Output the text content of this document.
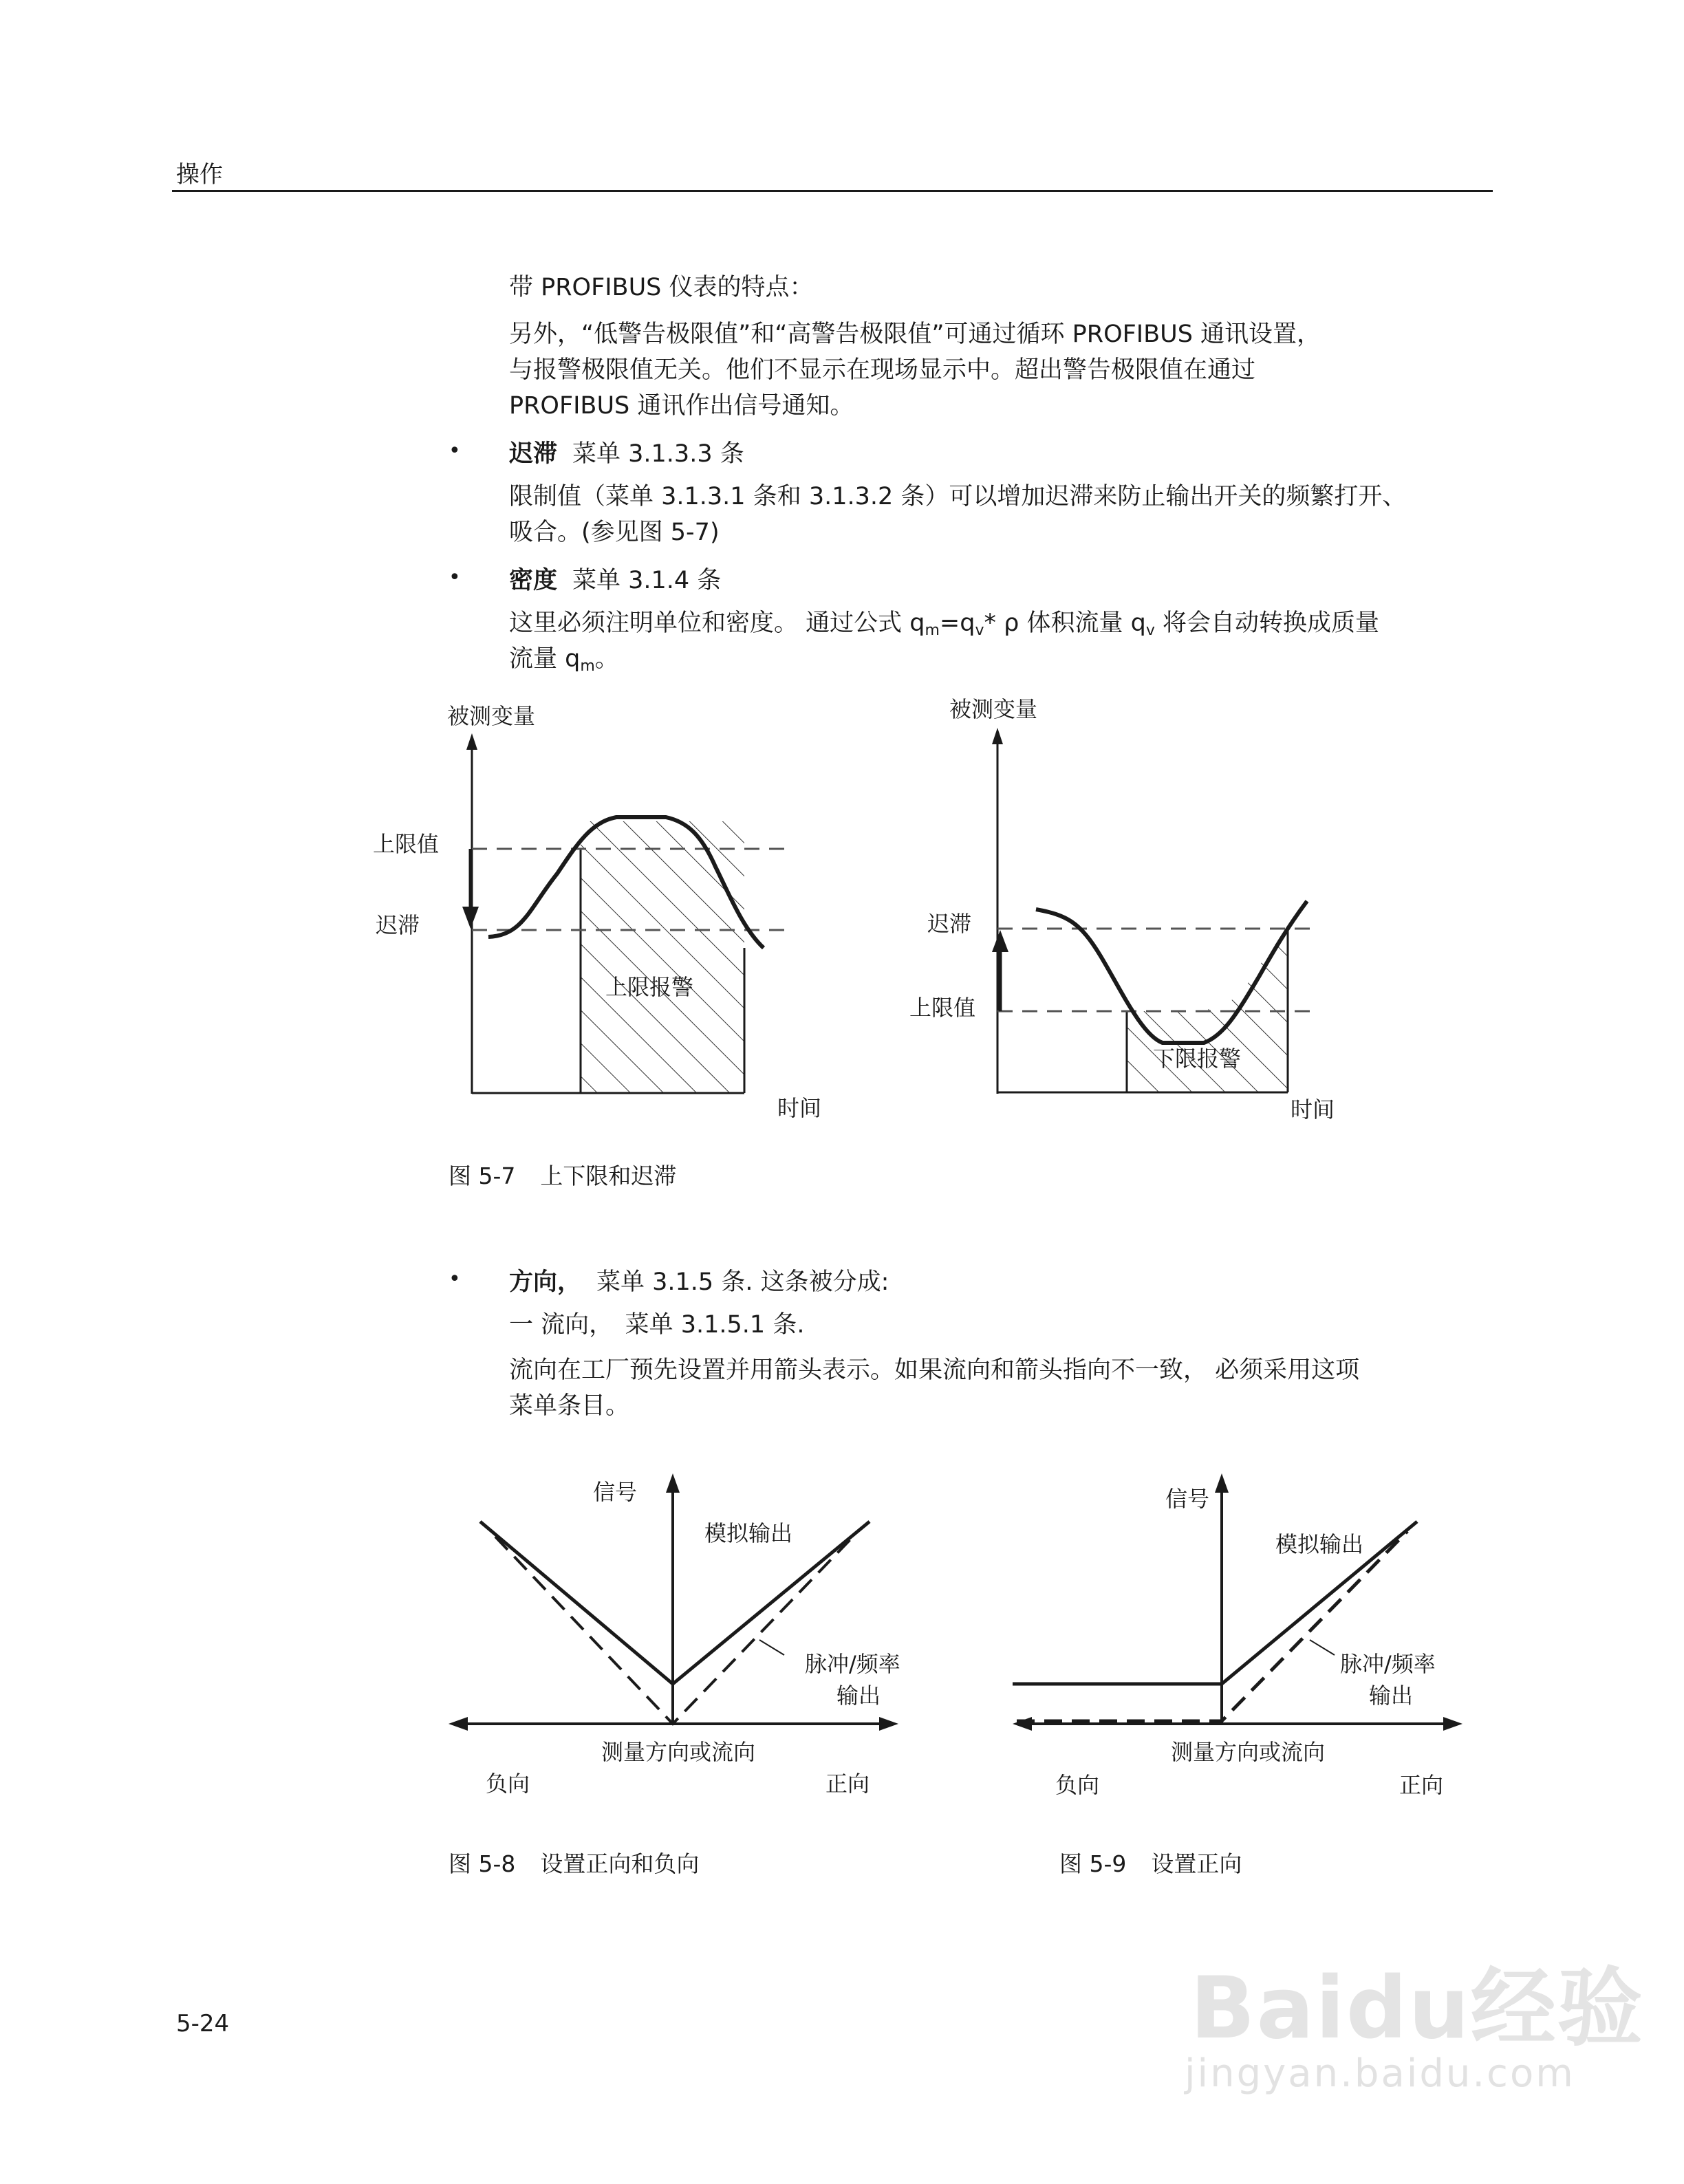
操作
带 PROFIBUS 仪表的特点：
另外，“低警告极限值”和“高警告极限值”可通过循环 PROFIBUS 通讯设置，
与报警极限值无关。他们不显示在现场显示中。超出警告极限值在通过
PROFIBUS 通讯作出信号通知。
• 迟滞 菜单 3.1.3.3 条
限制值（菜单 3.1.3.1 条和 3.1.3.2 条）可以增加迟滞来防止输出开关的频繁打开、
吸合。(参见图 5-7)
• 密度 菜单 3.1.4 条
这里必须注明单位和密度。 通过公式 $q_m=q_v*$ ρ 体积流量 $q_v$ 将会自动转换成质量
流量 $q_m$。
被测变量
上限值
迟滞
上限报警
时间
被测变量
迟滞
上限值
下限报警
时间
图 5-7 上下限和迟滞
• 方向， 菜单 3.1.5 条. 这条被分成:
一 流向，　菜单 3.1.5.1 条.
流向在工厂预先设置并用箭头表示。如果流向和箭头指向不一致， 必须采用这项
菜单条目。
信号
模拟输出
脉冲/频率
输出
测量方向或流向
负向	正向
图 5-8 设置正向和负向
信号
模拟输出
脉冲/频率
输出
测量方向或流向
负向	正向
图 5-9 设置正向
5-24	Baidu经验
jingyan.baidu.com
